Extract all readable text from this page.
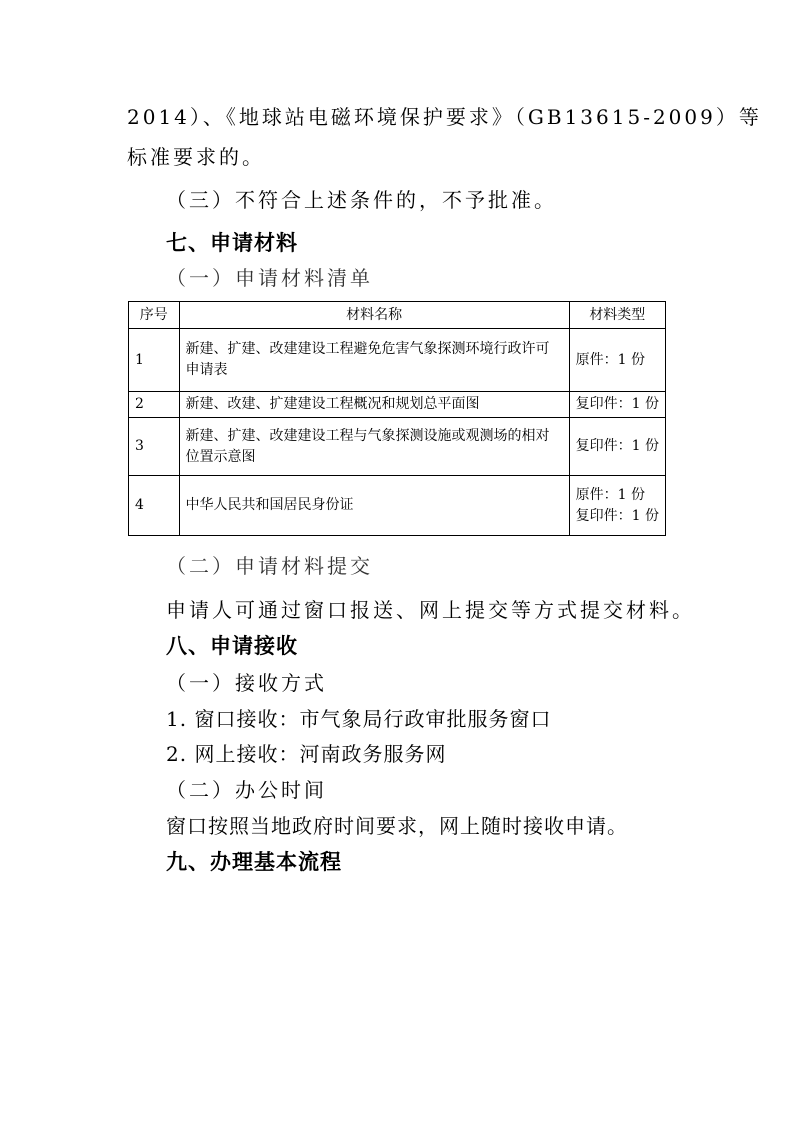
2014）、《地球站电磁环境保护要求》（GB13615-2009）等
标准要求的。
（三）不符合上述条件的，不予批准。
七、申请材料
（一）申请材料清单
序号	材料名称	材料类型
1	新建、扩建、改建建设工程避免危害气象探测环境行政许可申请表	原件：1 份
2	新建、改建、扩建建设工程概况和规划总平面图	复印件：1 份
3	新建、扩建、改建建设工程与气象探测设施或观测场的相对位置示意图	复印件：1 份
4	中华人民共和国居民身份证	原件：1 份
复印件：1 份
（二）申请材料提交
申请人可通过窗口报送、网上提交等方式提交材料。
八、申请接收
（一）接收方式
1. 窗口接收：市气象局行政审批服务窗口
2. 网上接收：河南政务服务网
（二）办公时间
窗口按照当地政府时间要求，网上随时接收申请。
九、办理基本流程
